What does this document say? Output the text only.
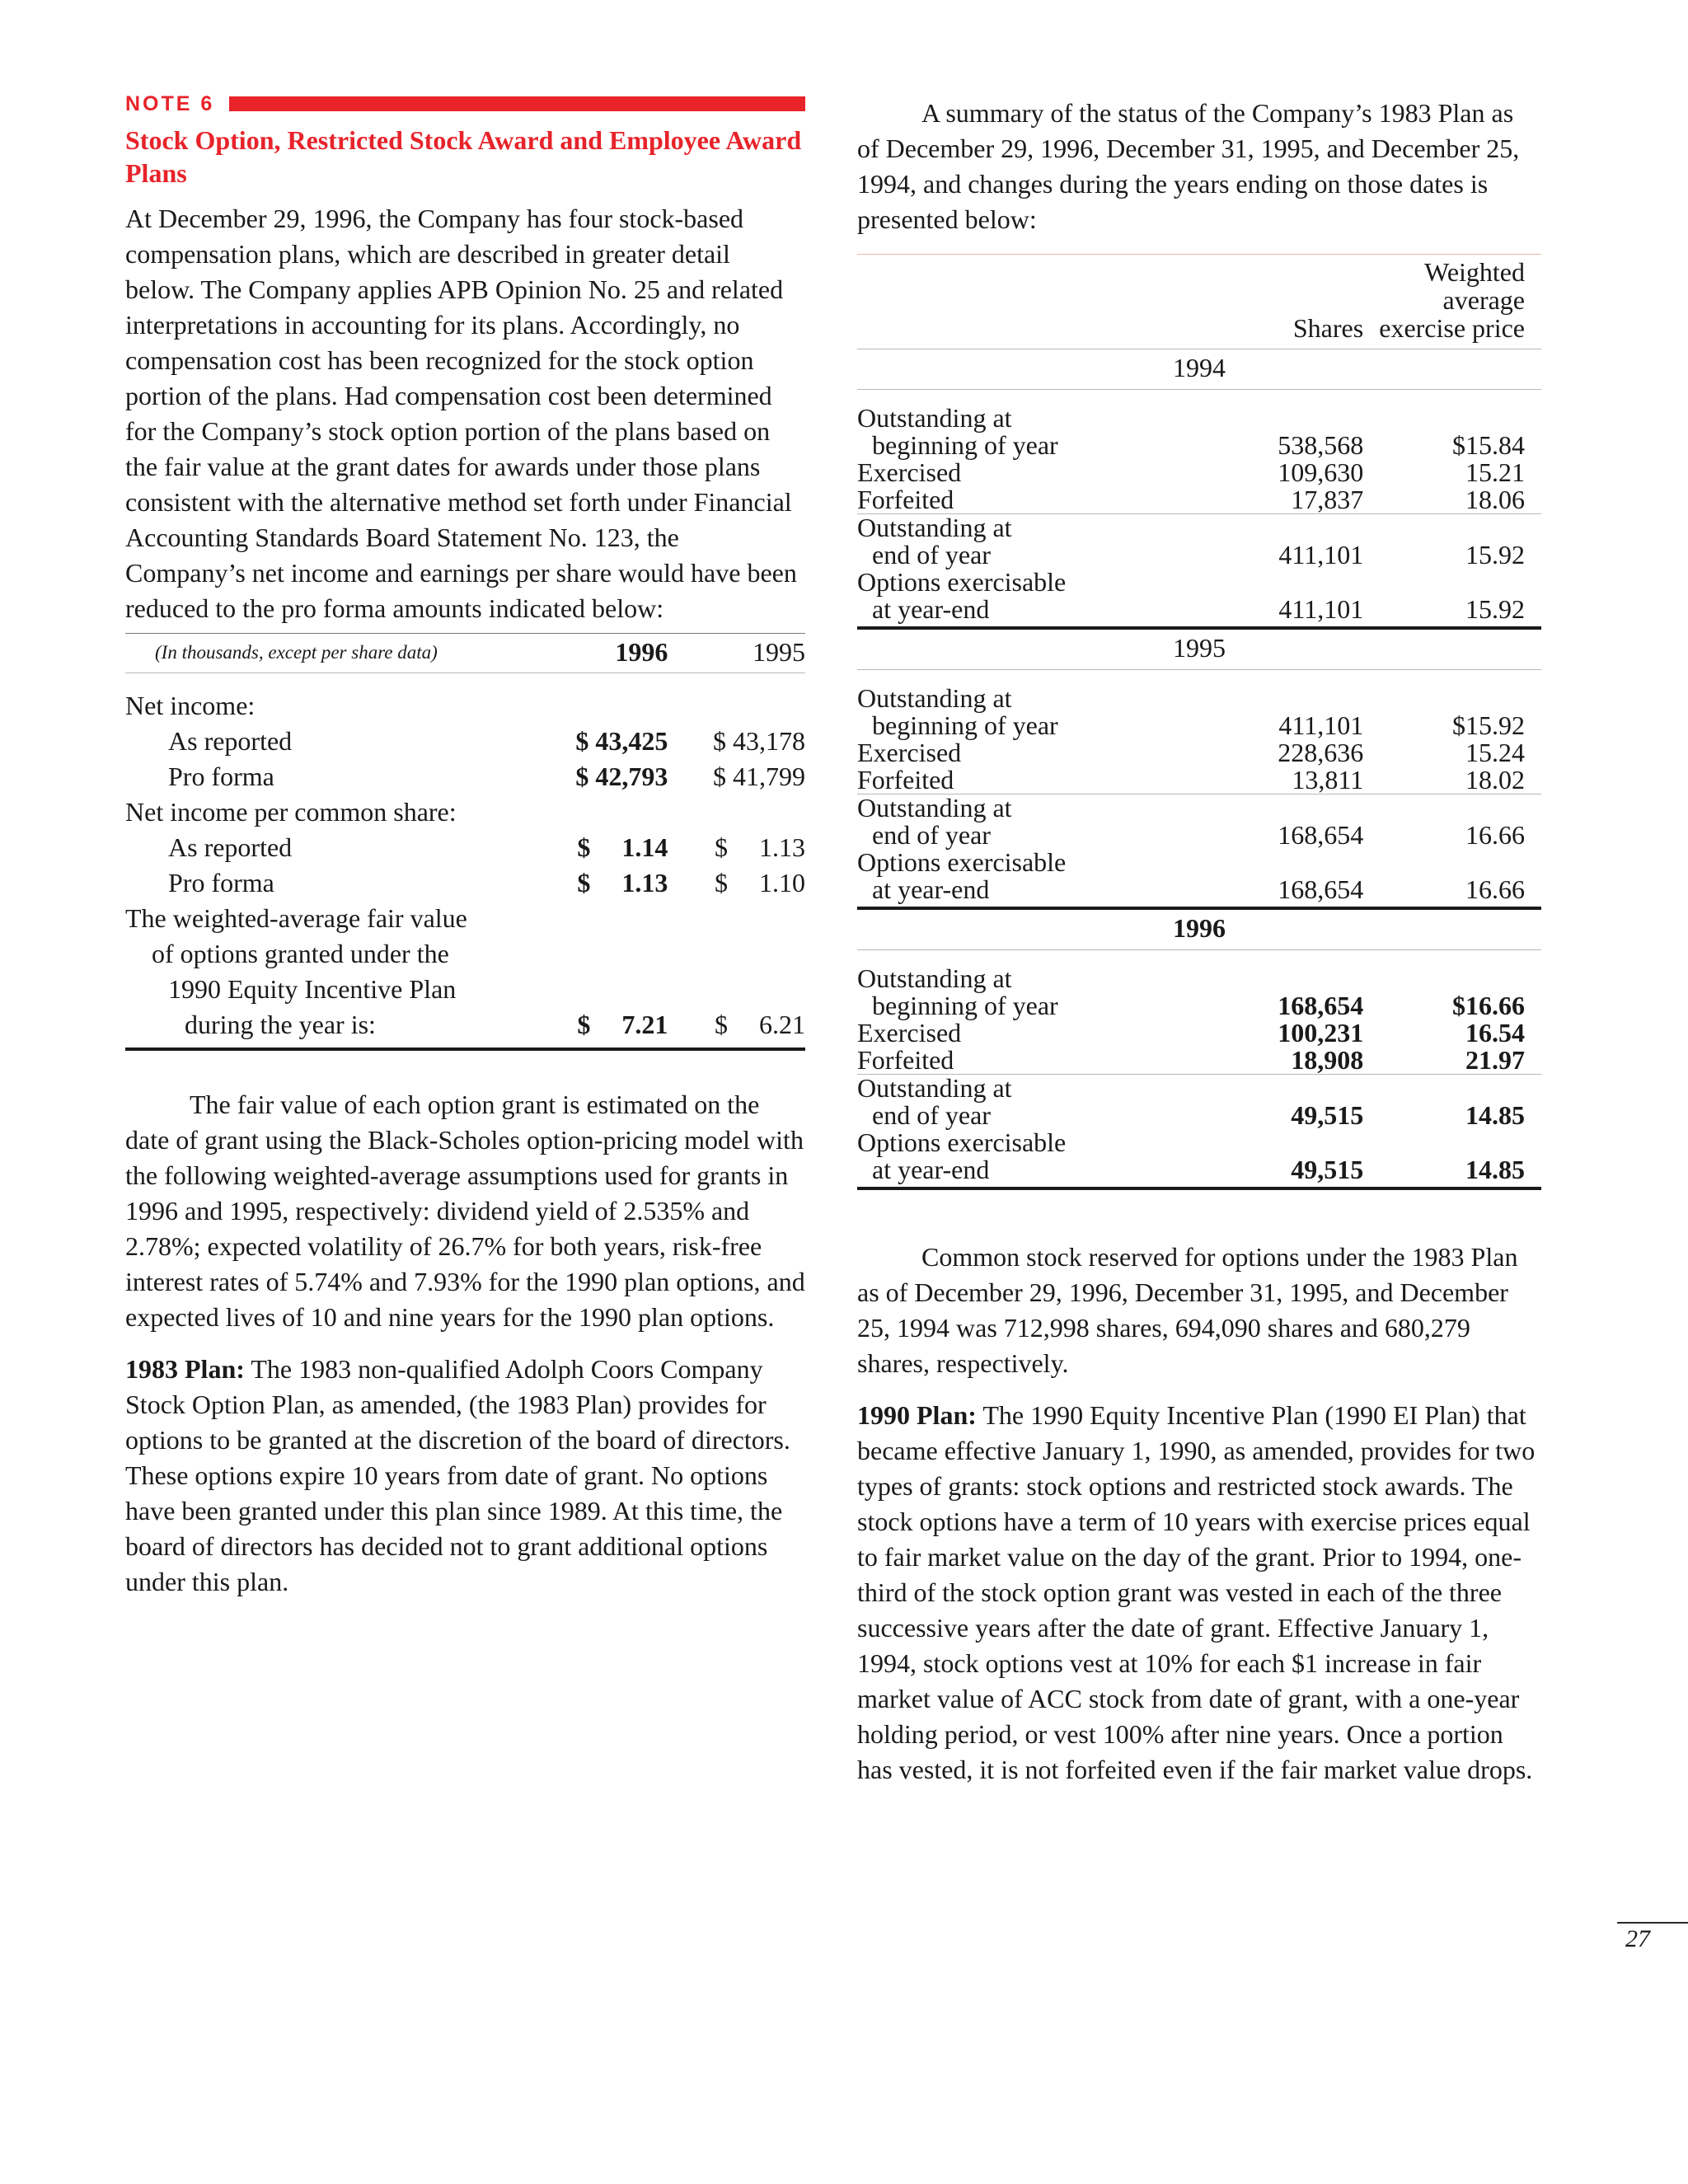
NOTE 6
Stock Option, Restricted Stock Award and Employee Award Plans

At December 29, 1996, the Company has four stock-based compensation plans, which are described in greater detail below. The Company applies APB Opinion No. 25 and related interpretations in accounting for its plans. Accordingly, no compensation cost has been recognized for the stock option portion of the plans. Had compensation cost been determined for the Company’s stock option portion of the plans based on the fair value at the grant dates for awards under those plans consistent with the alternative method set forth under Financial Accounting Standards Board Statement No. 123, the Company’s net income and earnings per share would have been reduced to the pro forma amounts indicated below:

(In thousands, except per share data)	1996	1995
Net income:		
As reported	$ 43,425	$ 43,178
Pro forma	$ 42,793	$ 41,799
Net income per common share:		
As reported	$ 1.14	$ 1.13
Pro forma	$ 1.13	$ 1.10
The weighted-average fair value		
of options granted under the		
1990 Equity Incentive Plan		
during the year is:	$ 7.21	$ 6.21

The fair value of each option grant is estimated on the date of grant using the Black-Scholes option-pricing model with the following weighted-average assumptions used for grants in 1996 and 1995, respectively: dividend yield of 2.535% and 2.78%; expected volatility of 26.7% for both years, risk-free interest rates of 5.74% and 7.93% for the 1990 plan options, and expected lives of 10 and nine years for the 1990 plan options.

1983 Plan: The 1983 non-qualified Adolph Coors Company Stock Option Plan, as amended, (the 1983 Plan) provides for options to be granted at the discretion of the board of directors. These options expire 10 years from date of grant. No options have been granted under this plan since 1989. At this time, the board of directors has decided not to grant additional options under this plan.

A summary of the status of the Company’s 1983 Plan as of December 29, 1996, December 31, 1995, and December 25, 1994, and changes during the years ending on those dates is presented below:

	Shares	Weighted
average
exercise price

1994		

Outstanding at		
beginning of year	538,568	$15.84
Exercised	109,630	15.21
Forfeited	17,837	18.06
Outstanding at		
end of year	411,101	15.92
Options exercisable		
at year-end	411,101	15.92
1995		

Outstanding at		
beginning of year	411,101	$15.92
Exercised	228,636	15.24
Forfeited	13,811	18.02
Outstanding at		
end of year	168,654	16.66
Options exercisable		
at year-end	168,654	16.66
1996		

Outstanding at		
beginning of year	168,654	$16.66
Exercised	100,231	16.54
Forfeited	18,908	21.97
Outstanding at		
end of year	49,515	14.85
Options exercisable		
at year-end	49,515	14.85

Common stock reserved for options under the 1983 Plan as of December 29, 1996, December 31, 1995, and December 25, 1994 was 712,998 shares, 694,090 shares and 680,279 shares, respectively.

1990 Plan: The 1990 Equity Incentive Plan (1990 EI Plan) that became effective January 1, 1990, as amended, provides for two types of grants: stock options and restricted stock awards. The stock options have a term of 10 years with exercise prices equal to fair market value on the day of the grant. Prior to 1994, one-third of the stock option grant was vested in each of the three successive years after the date of grant. Effective January 1, 1994, stock options vest at 10% for each $1 increase in fair market value of ACC stock from date of grant, with a one-year holding period, or vest 100% after nine years. Once a portion has vested, it is not forfeited even if the fair market value drops.

27
